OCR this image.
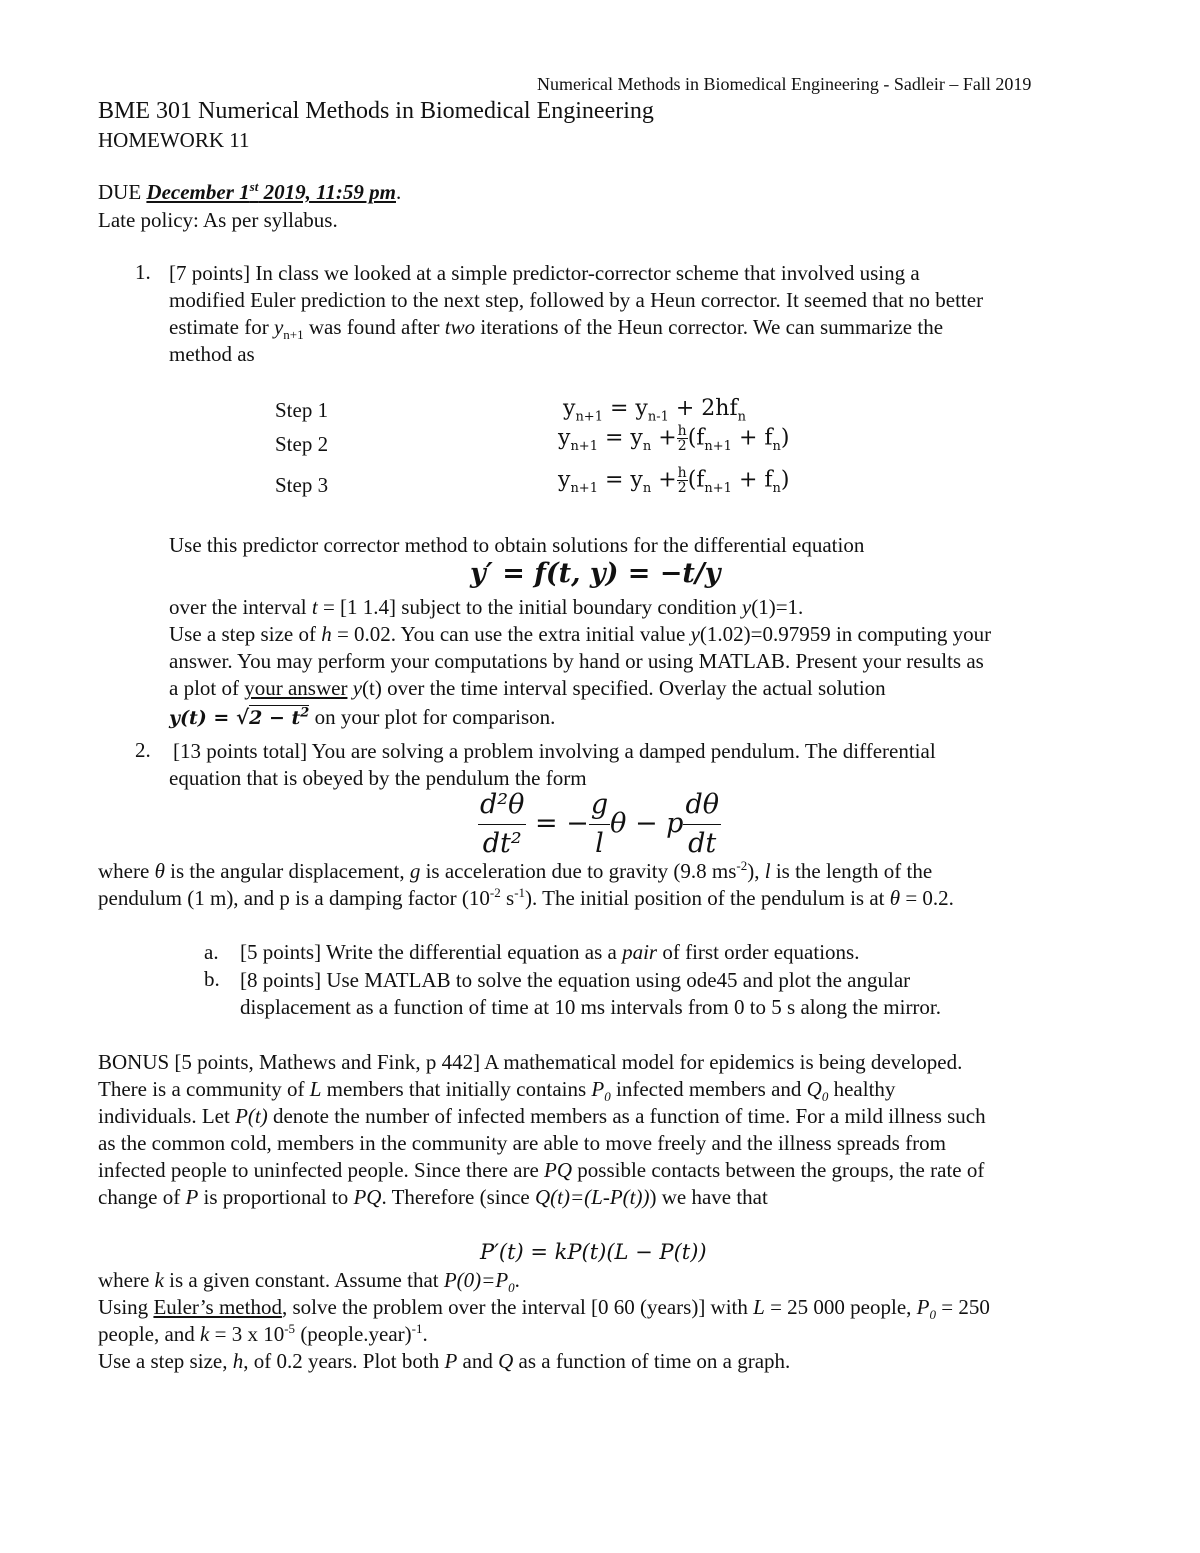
Numerical Methods in Biomedical Engineering - Sadleir – Fall 2019
BME 301 Numerical Methods in Biomedical Engineering
HOMEWORK 11
DUE December 1st 2019, 11:59 pm.
Late policy: As per syllabus.
1. [7 points] In class we looked at a simple predictor-corrector scheme that involved using a
modified Euler prediction to the next step, followed by a Heun corrector. It seemed that no better
estimate for $y_{n+1}$ was found after two iterations of the Heun corrector. We can summarize the
method as
Step 1	$y_{n+1} = y_{n-1} + 2hf_n$
Step 2	$y_{n+1} = y_n + \frac{h}{2} (f_{n+1} + f_n)$
Step 3	$y_{n+1} = y_n + \frac{h}{2} (f_{n+1} + f_n)$
Use this predictor corrector method to obtain solutions for the differential equation
y′ = f(t, y) = −t/y
over the interval t = [1 1.4] subject to the initial boundary condition y(1)=1.
Use a step size of h = 0.02. You can use the extra initial value y(1.02)=0.97959 in computing your
answer. You may perform your computations by hand or using MATLAB. Present your results as
a plot of your answer y(t) over the time interval specified. Overlay the actual solution
$y(t) = √2 - t^2$ on your plot for comparison.
2. [13 points total] You are solving a problem involving a damped pendulum. The differential
equation that is obeyed by the pendulum the form
$\frac{\text{d²θ}}{\text{dt²}}$ = − $\frac{g}{l}$ θ − p $\frac{d\theta}{dt}$
where θ is the angular displacement, g is acceleration due to gravity (9.8 $ms^{-2}$), l is the length of the
pendulum (1 m), and p is a damping factor ($10^{-2}$ $s^{-1}$). The initial position of the pendulum is at θ = 0.2.
a. [5 points] Write the differential equation as a pair of first order equations.
b. [8 points] Use MATLAB to solve the equation using ode45 and plot the angular
displacement as a function of time at 10 ms intervals from 0 to 5 s along the mirror.
BONUS [5 points, Mathews and Fink, p 442] A mathematical model for epidemics is being developed.
There is a community of L members that initially contains $P_0$ infected members and $Q_0$ healthy
individuals. Let P(t) denote the number of infected members as a function of time. For a mild illness such
as the common cold, members in the community are able to move freely and the illness spreads from
infected people to uninfected people. Since there are PQ possible contacts between the groups, the rate of
change of P is proportional to PQ. Therefore (since Q(t)=(L-P(t))) we have that
P′(t) = kP(t)(L − P(t))
where k is a given constant. Assume that $P(0)=P_0$.
Using Euler’s method, solve the problem over the interval [0 60 (years)] with L = 25 000 people, $P_0 = 250$
people, and k = 3 x $10^{-5}$ (people.year)$^{-1}$.
Use a step size, h, of 0.2 years. Plot both P and Q as a function of time on a graph.
